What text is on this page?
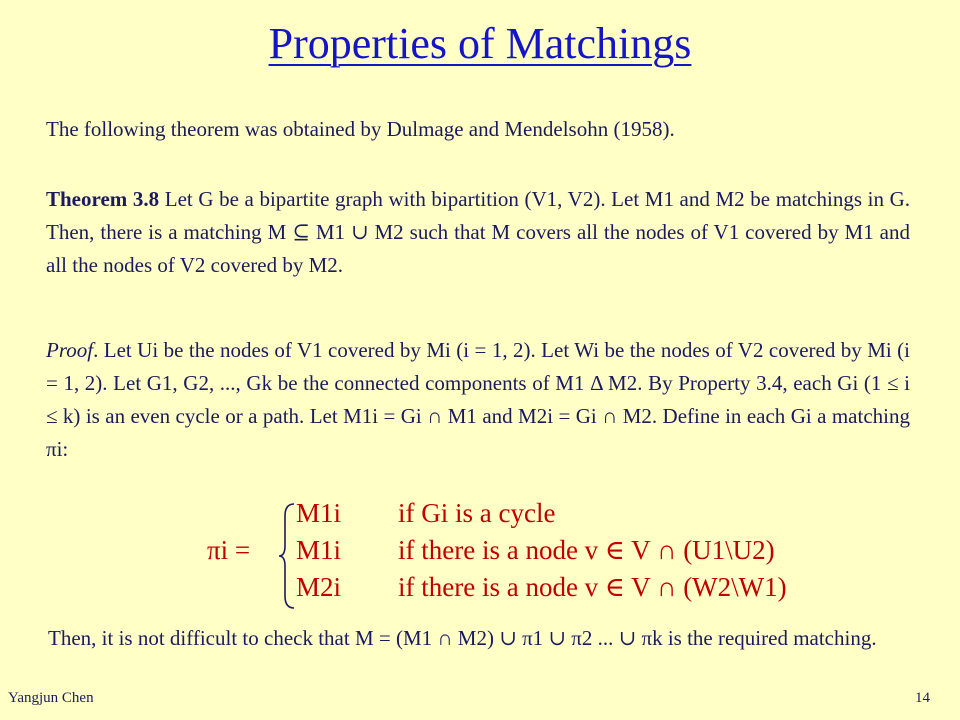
Properties of Matchings

The following theorem was obtained by Dulmage and Mendelsohn (1958).

Theorem 3.8 Let G be a bipartite graph with bipartition (V1, V2). Let M1 and M2 be matchings in G. Then, there is a matching M ⊆ M1 ∪ M2 such that M covers all the nodes of V1 covered by M1 and all the nodes of V2 covered by M2.

Proof. Let Ui be the nodes of V1 covered by Mi (i = 1, 2). Let Wi be the nodes of V2 covered by Mi (i = 1, 2). Let G1, G2, ..., Gk be the connected components of M1 Δ M2. By Property 3.4, each Gi (1 ≤ i ≤ k) is an even cycle or a path. Let M1i = Gi ∩ M1 and M2i = Gi ∩ M2. Define in each Gi a matching πi:

πi =
M1i if Gi is a cycle
M1i if there is a node v ∈ V ∩ (U1\U2)
M2i if there is a node v ∈ V ∩ (W2\W1)

Then, it is not difficult to check that M = (M1 ∩ M2) ∪ π1 ∪ π2 ... ∪ πk is the required matching.

Yangjun Chen	14
